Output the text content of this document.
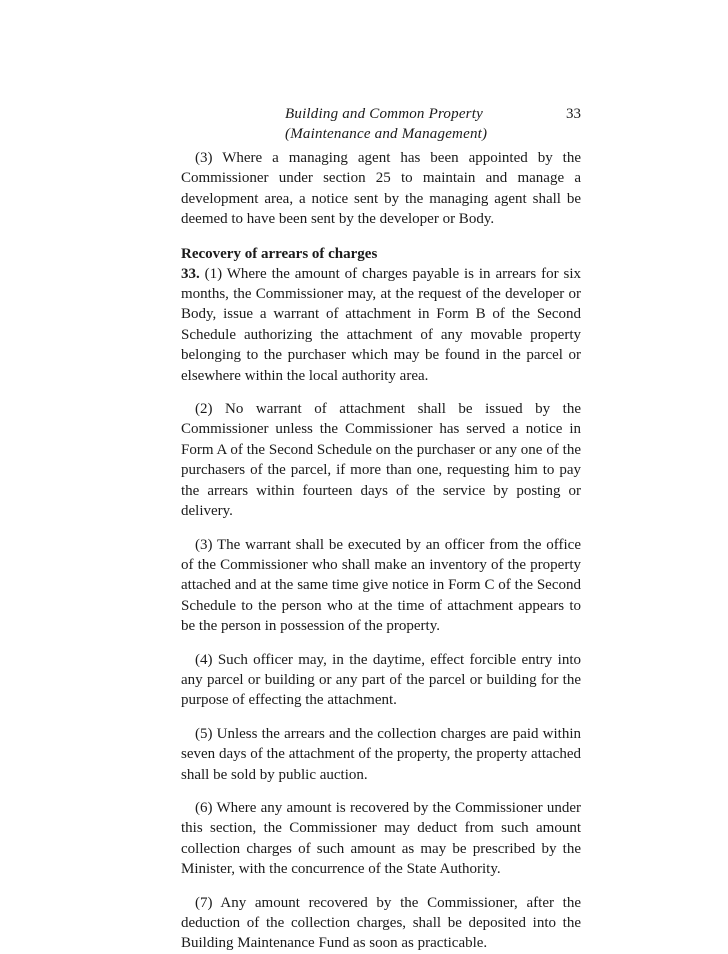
Building and Common Property
(Maintenance and Management)
33

(3) Where a managing agent has been appointed by the Commissioner under section 25 to maintain and manage a development area, a notice sent by the managing agent shall be deemed to have been sent by the developer or Body.

Recovery of arrears of charges

33. (1) Where the amount of charges payable is in arrears for six months, the Commissioner may, at the request of the developer or Body, issue a warrant of attachment in Form B of the Second Schedule authorizing the attachment of any movable property belonging to the purchaser which may be found in the parcel or elsewhere within the local authority area.

(2) No warrant of attachment shall be issued by the Commissioner unless the Commissioner has served a notice in Form A of the Second Schedule on the purchaser or any one of the purchasers of the parcel, if more than one, requesting him to pay the arrears within fourteen days of the service by posting or delivery.

(3) The warrant shall be executed by an officer from the office of the Commissioner who shall make an inventory of the property attached and at the same time give notice in Form C of the Second Schedule to the person who at the time of attachment appears to be the person in possession of the property.

(4) Such officer may, in the daytime, effect forcible entry into any parcel or building or any part of the parcel or building for the purpose of effecting the attachment.

(5) Unless the arrears and the collection charges are paid within seven days of the attachment of the property, the property attached shall be sold by public auction.

(6) Where any amount is recovered by the Commissioner under this section, the Commissioner may deduct from such amount collection charges of such amount as may be prescribed by the Minister, with the concurrence of the State Authority.

(7) Any amount recovered by the Commissioner, after the deduction of the collection charges, shall be deposited into the Building Maintenance Fund as soon as practicable.
